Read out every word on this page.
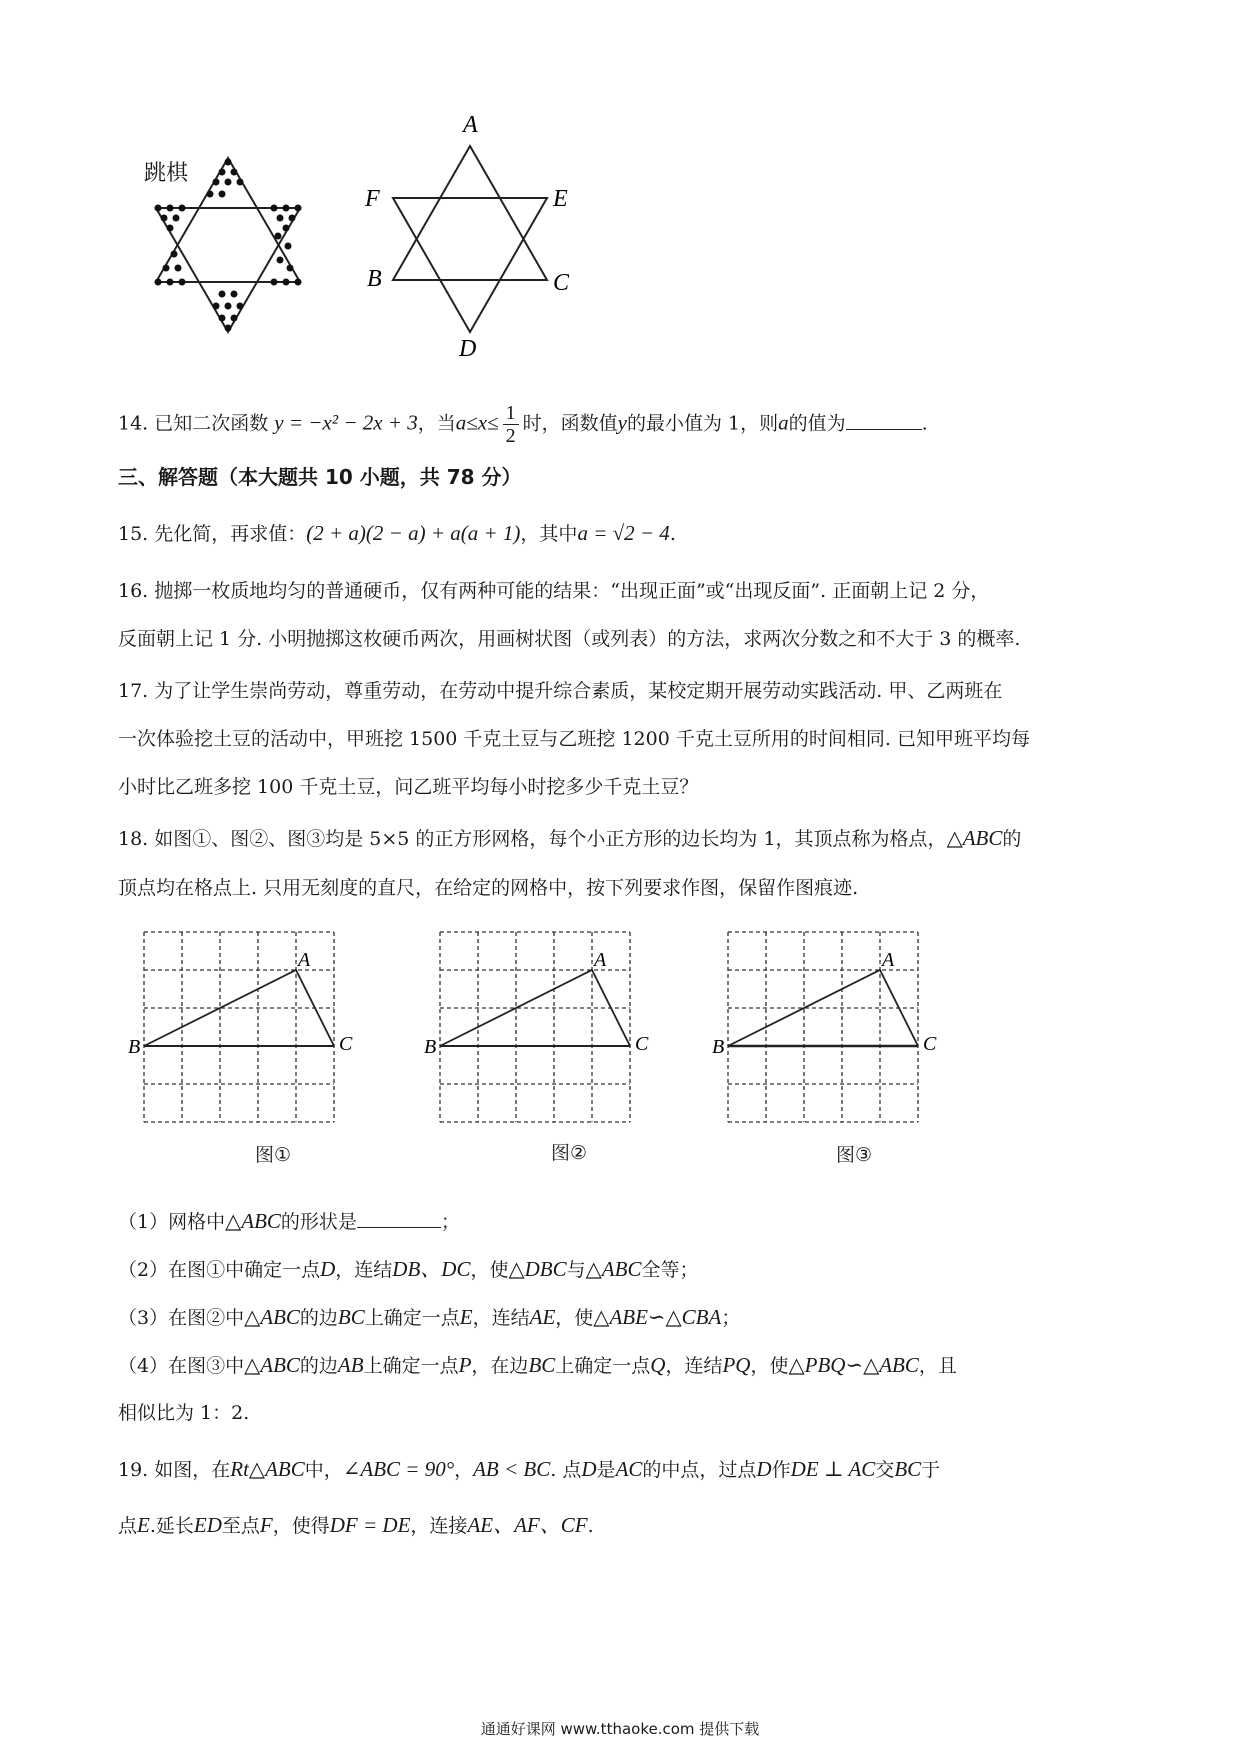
跳棋
A
F	E
B	C
D
14. 已知二次函数 y = −x² − 2x + 3，当$a\le x\le \frac{1}{2}$ 时，函数值y的最小值为 1，则a的值为	.
三、解答题（本大题共 10 小题，共 78 分）
15. 先化简，再求值：(2 + a)(2 − a) + a(a + 1)，其中a = √2 − 4.
16. 抛掷一枚质地均匀的普通硬币，仅有两种可能的结果：“出现正面”或“出现反面”. 正面朝上记 2 分，
反面朝上记 1 分. 小明抛掷这枚硬币两次，用画树状图（或列表）的方法，求两次分数之和不大于 3 的概率.
17. 为了让学生崇尚劳动，尊重劳动，在劳动中提升综合素质，某校定期开展劳动实践活动. 甲、乙两班在
一次体验挖土豆的活动中，甲班挖 1500 千克土豆与乙班挖 1200 千克土豆所用的时间相同. 已知甲班平均每
小时比乙班多挖 100 千克土豆，问乙班平均每小时挖多少千克土豆？
18. 如图①、图②、图③均是 5×5 的正方形网格，每个小正方形的边长均为 1，其顶点称为格点，△ABC的
顶点均在格点上. 只用无刻度的直尺，在给定的网格中，按下列要求作图，保留作图痕迹.
A
B	C
A
B	C
A
B	C
图①	图②	图③
（1）网格中△ABC的形状是	；
（2）在图①中确定一点D，连结DB、DC，使△DBC与△ABC全等；
（3）在图②中△ABC的边BC上确定一点E，连结AE，使△ABE∽△CBA；
（4）在图③中△ABC的边AB上确定一点P，在边BC上确定一点Q，连结PQ，使△PBQ∽△ABC，且
相似比为 1：2.
19. 如图，在Rt△ABC中，∠ABC = 90°，AB < BC. 点D是AC的中点，过点D作DE ⊥ AC交BC于
点E.延长ED至点F，使得DF = DE，连接AE、AF、CF.
通通好课网 www.tthaoke.com 提供下载
